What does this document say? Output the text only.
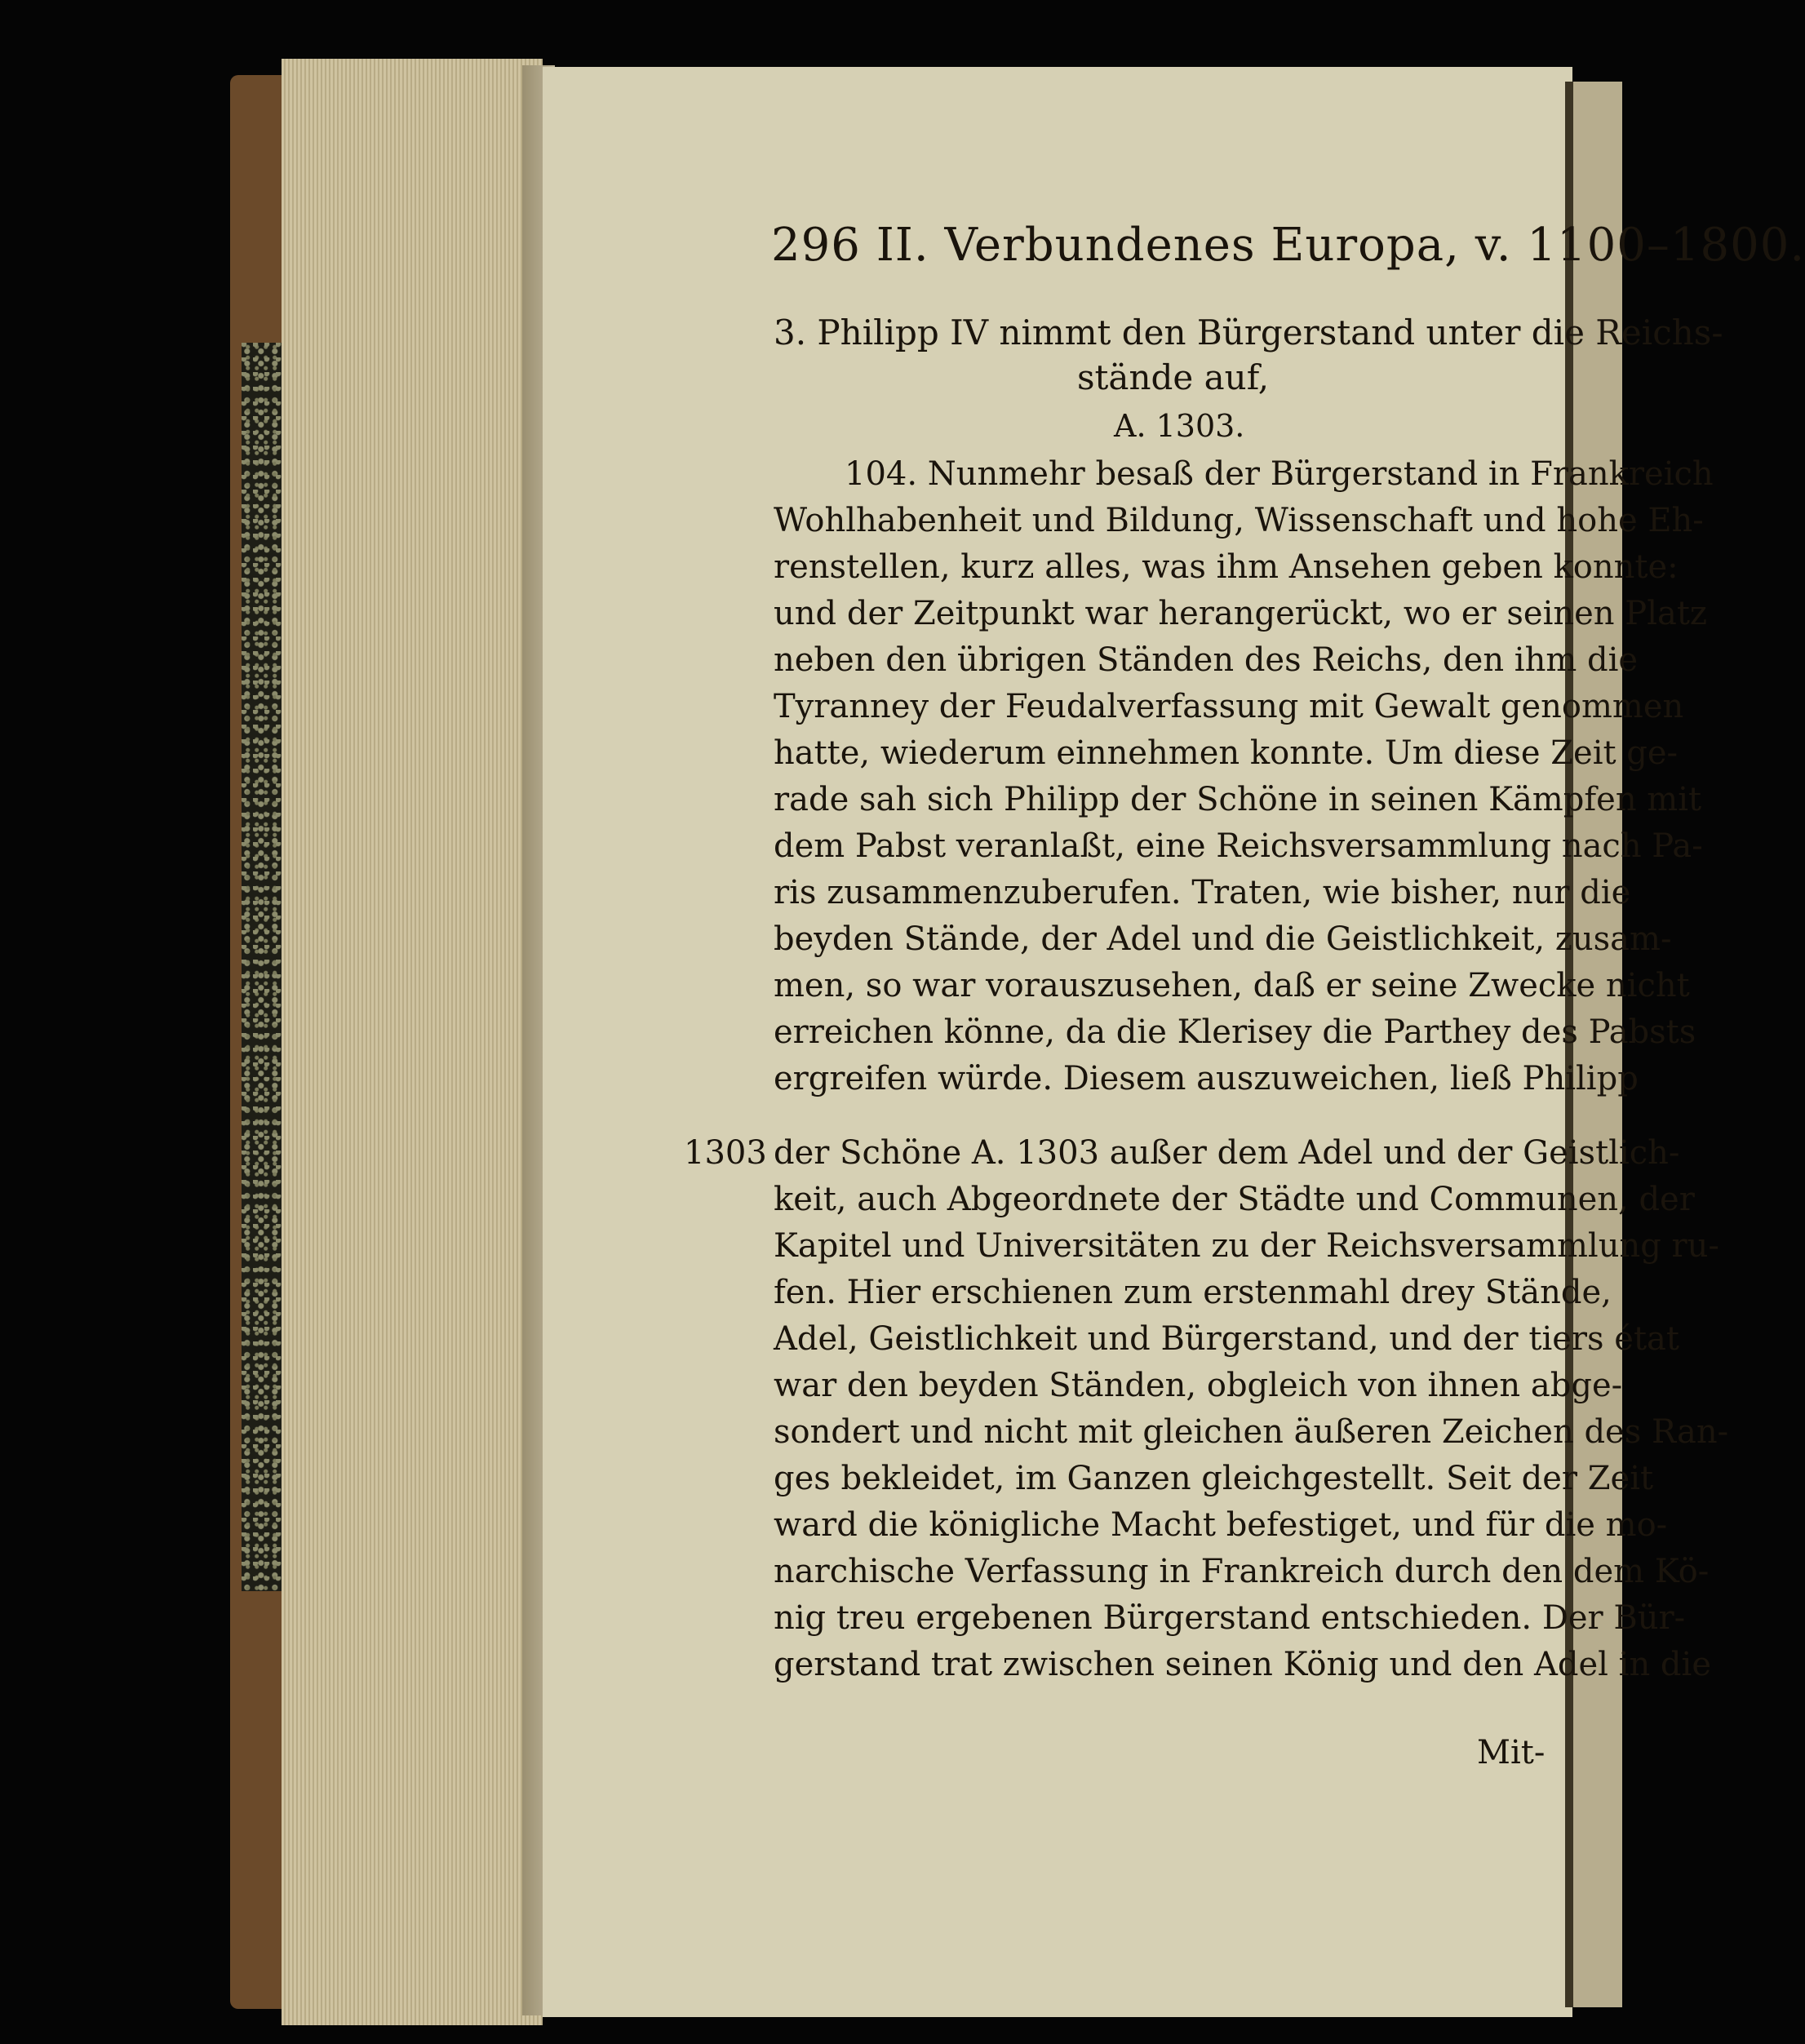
296 II. Verbundenes Europa, v. 1100–1800.
3. Philipp IV nimmt den Bürgerstand unter die Reichs-
stände auf,
A. 1303.
104. Nunmehr besaß der Bürgerstand in Frankreich
Wohlhabenheit und Bildung, Wissenschaft und hohe Eh-
renstellen, kurz alles, was ihm Ansehen geben konnte:
und der Zeitpunkt war herangerückt, wo er seinen Platz
neben den übrigen Ständen des Reichs, den ihm die
Tyranney der Feudalverfassung mit Gewalt genommen
hatte, wiederum einnehmen konnte. Um diese Zeit ge-
rade sah sich Philipp der Schöne in seinen Kämpfen mit
dem Pabst veranlaßt, eine Reichsversammlung nach Pa-
ris zusammenzuberufen. Traten, wie bisher, nur die
beyden Stände, der Adel und die Geistlichkeit, zusam-
men, so war vorauszusehen, daß er seine Zwecke nicht
erreichen könne, da die Klerisey die Parthey des Pabsts
ergreifen würde. Diesem auszuweichen, ließ Philipp
der Schöne A. 1303 außer dem Adel und der Geistlich-
keit, auch Abgeordnete der Städte und Communen, der
Kapitel und Universitäten zu der Reichsversammlung ru-
fen. Hier erschienen zum erstenmahl drey Stände,
Adel, Geistlichkeit und Bürgerstand, und der tiers état
war den beyden Ständen, obgleich von ihnen abge-
sondert und nicht mit gleichen äußeren Zeichen des Ran-
ges bekleidet, im Ganzen gleichgestellt. Seit der Zeit
ward die königliche Macht befestiget, und für die mo-
narchische Verfassung in Frankreich durch den dem Kö-
nig treu ergebenen Bürgerstand entschieden. Der Bür-
gerstand trat zwischen seinen König und den Adel in die
1303
Mit-
